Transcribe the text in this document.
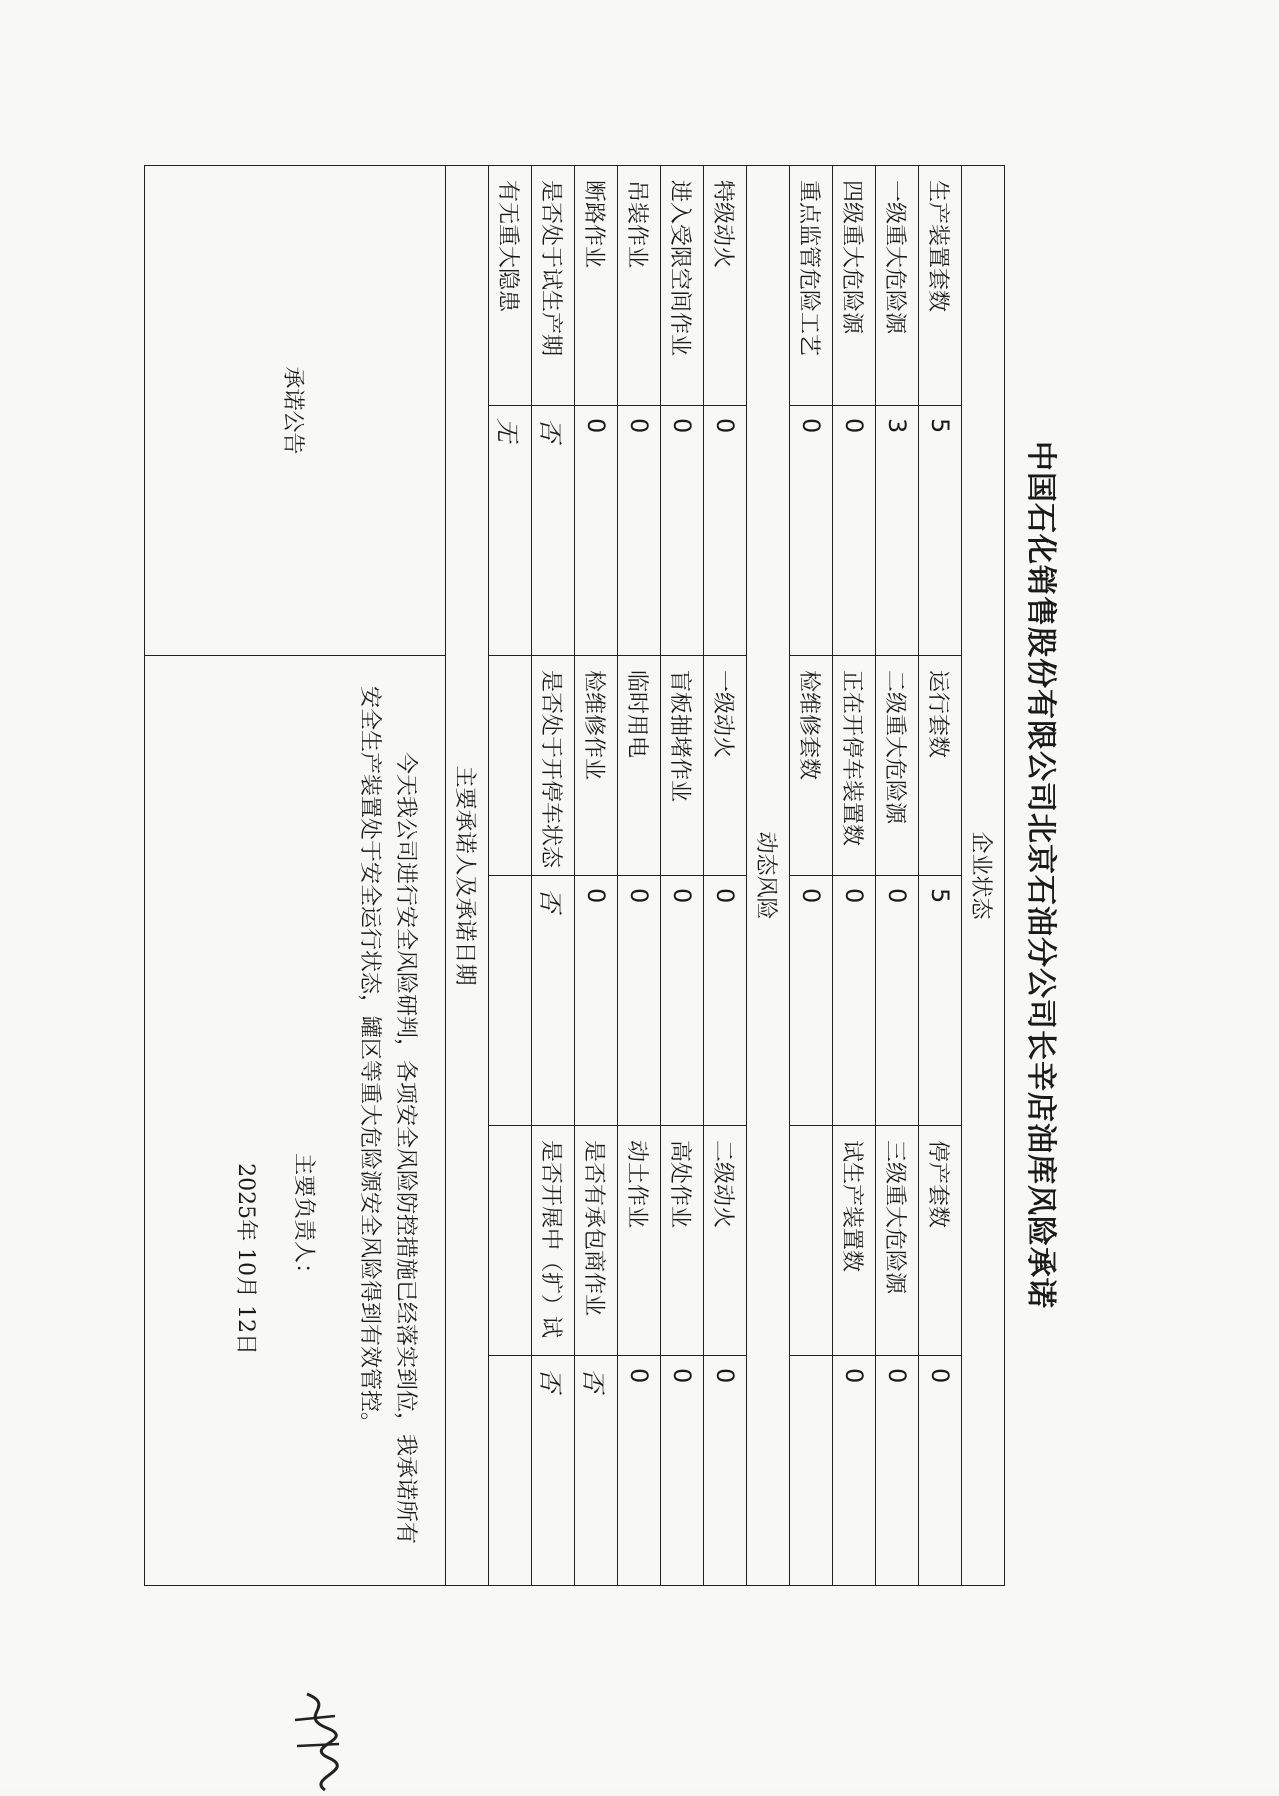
中国石化销售股份有限公司北京石油分公司长辛店油库风险承诺
企业状态					
生产装置套数	5	运行套数	5	停产套数	0
一级重大危险源	3	二级重大危险源	0	三级重大危险源	0
四级重大危险源	0	正在开停车装置数	0	试生产装置数	0
重点监管危险工艺	0	检维修套数	0		
动态风险					
特级动火	0	一级动火	0	二级动火	0
进入受限空间作业	0	盲板抽堵作业	0	高处作业	0
吊装作业	0	临时用电	0	动土作业	0
断路作业	0	检维修作业	0	是否有承包商作业	否
是否处于试生产期	否	是否处于开停车状态	否	是否开展中（扩）试	否
有无重大隐患	无				
主要承诺人及承诺日期					
承诺公告		今天我公司进行安全风险研判，各项安全风险防控措施已经落实到位，我承诺所有安全生产装置处于安全运行状态，罐区等重大危险源安全风险得到有效管控。
主要负责人：
2025年 10月 12日			
